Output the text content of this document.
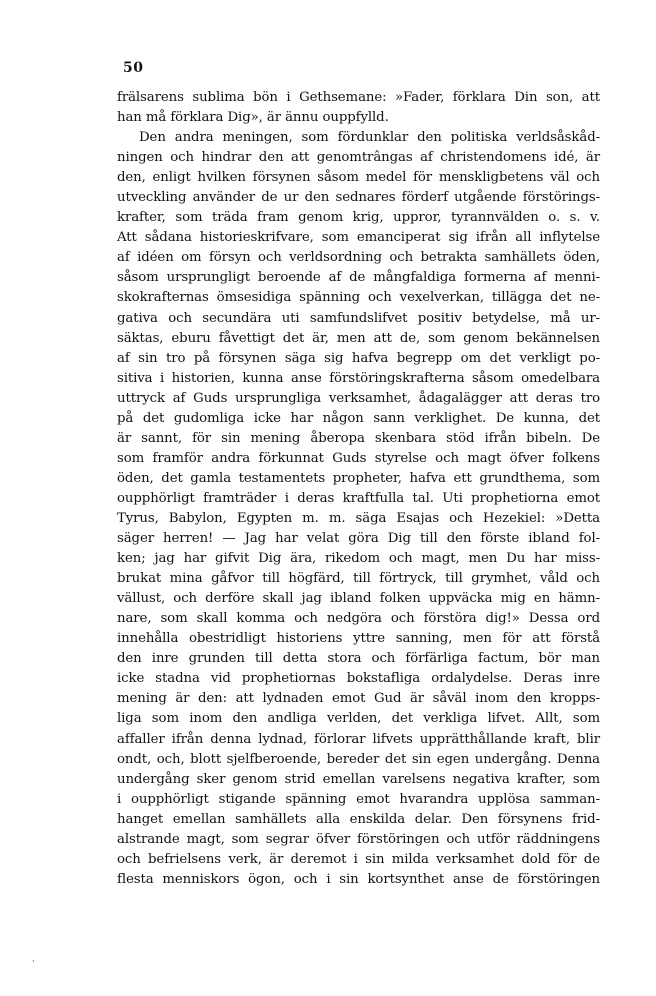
50
frälsarens sublima bön i Gethsemane: »Fader, förklara Din son, att
han må förklara Dig», är ännu ouppfylld.
Den andra meningen, som fördunklar den politiska verldsåskåd-
ningen och hindrar den att genomtrângas af christendomens idé, är
den, enligt hvilken försynen såsom medel för menskligbetens väl och
utveckling använder de ur den sednares förderf utgående förstörings-
krafter, som träda fram genom krig, uppror, tyrannvälden o. s. v.
Att sådana historieskrifvare, som emanciperat sig ifrån all inflytelse
af idéen om försyn och verldsordning och betrakta samhällets öden,
såsom ursprungligt beroende af de mångfaldiga formerna af menni-
skokrafternas ömsesidiga spänning och vexelverkan, tillägga det ne-
gativa och secundära uti samfundslifvet positiv betydelse, må ur-
säktas, eburu fåvettigt det är, men att de, som genom bekännelsen
af sin tro på försynen säga sig hafva begrepp om det verkligt po-
sitiva i historien, kunna anse förstöringskrafterna såsom omedelbara
uttryck af Guds ursprungliga verksamhet, ådagalägger att deras tro
på det gudomliga icke har någon sann verklighet. De kunna, det
är sannt, för sin mening åberopa skenbara stöd ifrån bibeln. De
som framför andra förkunnat Guds styrelse och magt öfver folkens
öden, det gamla testamentets propheter, hafva ett grundthema, som
oupphörligt framträder i deras kraftfulla tal. Uti prophetiorna emot
Tyrus, Babylon, Egypten m. m. säga Esajas och Hezekiel: »Detta
säger herren! — Jag har velat göra Dig till den förste ibland fol-
ken; jag har gifvit Dig ära, rikedom och magt, men Du har miss-
brukat mina gåfvor till högfärd, till förtryck, till grymhet, våld och
vällust, och derföre skall jag ibland folken uppväcka mig en hämn-
nare, som skall komma och nedgöra och förstöra dig!» Dessa ord
innehålla obestridligt historiens yttre sanning, men för att förstå
den inre grunden till detta stora och förfärliga factum, bör man
icke stadna vid prophetiornas bokstafliga ordalydelse. Deras inre
mening är den: att lydnaden emot Gud är såväl inom den kropps-
liga som inom den andliga verlden, det verkliga lifvet. Allt, som
affaller ifrån denna lydnad, förlorar lifvets upprätthållande kraft, blir
ondt, och, blott sjelfberoende, bereder det sin egen undergång. Denna
undergång sker genom strid emellan varelsens negativa krafter, som
i oupphörligt stigande spänning emot hvarandra upplösa samman-
hanget emellan samhällets alla enskilda delar. Den försynens frid-
alstrande magt, som segrar öfver förstöringen och utför räddningens
och befrielsens verk, är deremot i sin milda verksamhet dold för de
flesta menniskors ögon, och i sin kortsynthet anse de förstöringen
ˎ
